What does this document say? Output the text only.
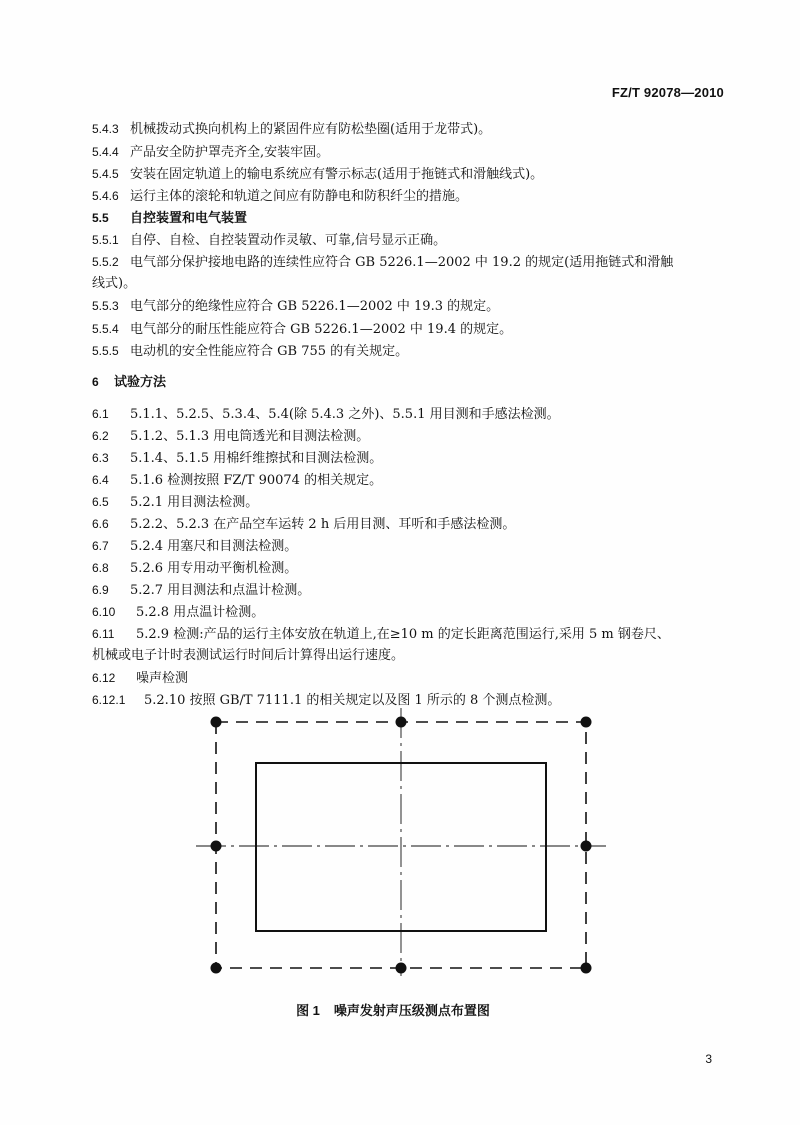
FZ/T 92078—2010
5.4.3 机械拨动式换向机构上的紧固件应有防松垫圈(适用于龙带式)。
5.4.4 产品安全防护罩壳齐全,安装牢固。
5.4.5 安装在固定轨道上的输电系统应有警示标志(适用于拖链式和滑触线式)。
5.4.6 运行主体的滚轮和轨道之间应有防静电和防积纤尘的措施。
5.5 自控装置和电气装置
5.5.1 自停、自检、自控装置动作灵敏、可靠,信号显示正确。
5.5.2 电气部分保护接地电路的连续性应符合 GB 5226.1—2002 中 19.2 的规定(适用拖链式和滑触
线式)。
5.5.3 电气部分的绝缘性应符合 GB 5226.1—2002 中 19.3 的规定。
5.5.4 电气部分的耐压性能应符合 GB 5226.1—2002 中 19.4 的规定。
5.5.5 电动机的安全性能应符合 GB 755 的有关规定。
6 试验方法
6.1 5.1.1、5.2.5、5.3.4、5.4(除 5.4.3 之外)、5.5.1 用目测和手感法检测。
6.2 5.1.2、5.1.3 用电筒透光和目测法检测。
6.3 5.1.4、5.1.5 用棉纤维擦拭和目测法检测。
6.4 5.1.6 检测按照 FZ/T 90074 的相关规定。
6.5 5.2.1 用目测法检测。
6.6 5.2.2、5.2.3 在产品空车运转 2 h 后用目测、耳听和手感法检测。
6.7 5.2.4 用塞尺和目测法检测。
6.8 5.2.6 用专用动平衡机检测。
6.9 5.2.7 用目测法和点温计检测。
6.10 5.2.8 用点温计检测。
6.11 5.2.9 检测:产品的运行主体安放在轨道上,在≥10 m 的定长距离范围运行,采用 5 m 钢卷尺、
机械或电子计时表测试运行时间后计算得出运行速度。
6.12 噪声检测
6.12.1 5.2.10 按照 GB/T 7111.1 的相关规定以及图 1 所示的 8 个测点检测。
图 1 噪声发射声压级测点布置图
3
